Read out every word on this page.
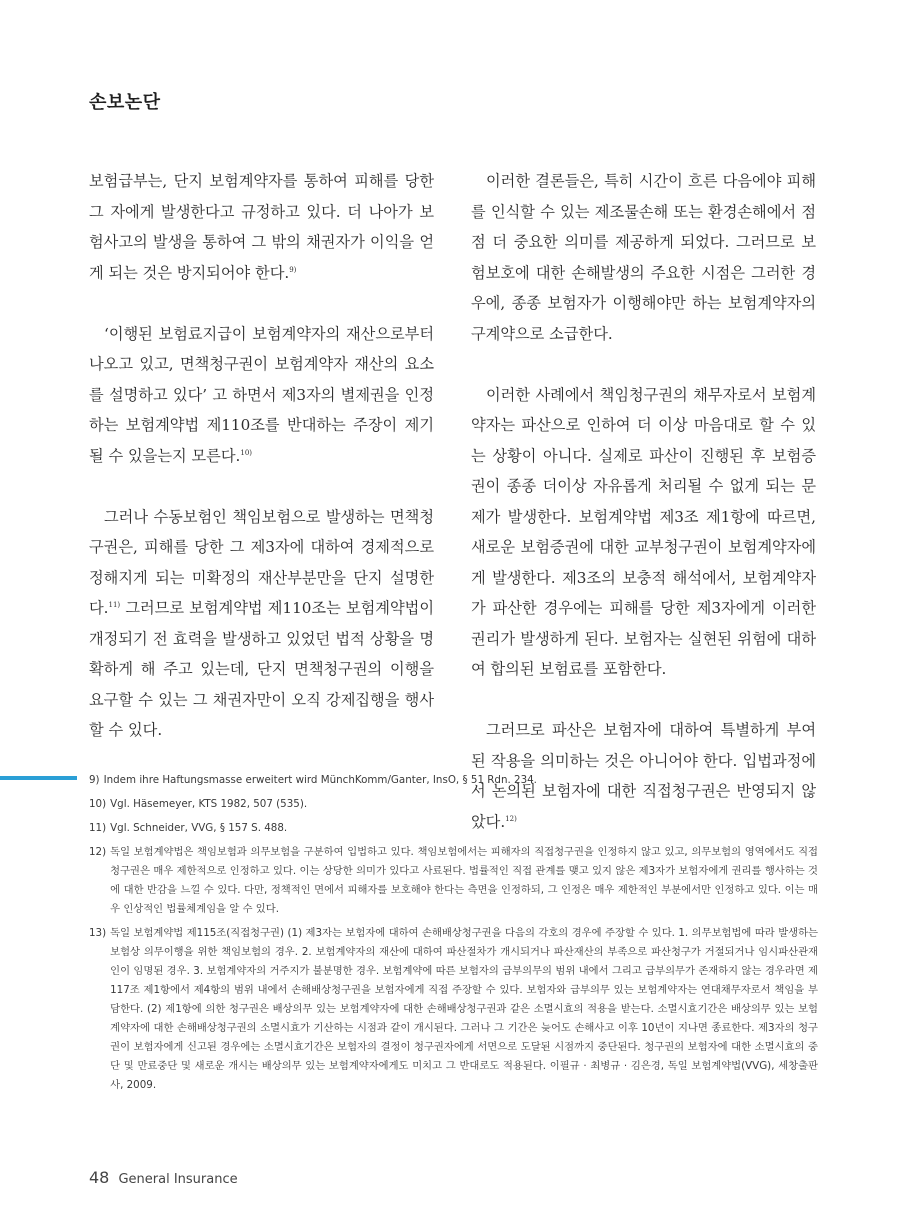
손보논단

보험급부는, 단지 보험계약자를 통하여 피해를 당한 그 자에게 발생한다고 규정하고 있다. 더 나아가 보험사고의 발생을 통하여 그 밖의 채권자가 이익을 얻게 되는 것은 방지되어야 한다.$^{9)}$

‘이행된 보험료지급이 보험계약자의 재산으로부터 나오고 있고, 면책청구권이 보험계약자 재산의 요소를 설명하고 있다’ 고 하면서 제3자의 별제권을 인정하는 보험계약법 제110조를 반대하는 주장이 제기될 수 있을는지 모른다.$^{10)}$

그러나 수동보험인 책임보험으로 발생하는 면책청구권은, 피해를 당한 그 제3자에 대하여 경제적으로 정해지게 되는 미확정의 재산부분만을 단지 설명한다.$^{11)}$ 그러므로 보험계약법 제110조는 보험계약법이 개정되기 전 효력을 발생하고 있었던 법적 상황을 명확하게 해 주고 있는데, 단지 면책청구권의 이행을 요구할 수 있는 그 채권자만이 오직 강제집행을 행사할 수 있다.

이러한 결론들은, 특히 시간이 흐른 다음에야 피해를 인식할 수 있는 제조물손해 또는 환경손해에서 점점 더 중요한 의미를 제공하게 되었다. 그러므로 보험보호에 대한 손해발생의 주요한 시점은 그러한 경우에, 종종 보험자가 이행해야만 하는 보험계약자의 구계약으로 소급한다.

이러한 사례에서 책임청구권의 채무자로서 보험계약자는 파산으로 인하여 더 이상 마음대로 할 수 있는 상황이 아니다. 실제로 파산이 진행된 후 보험증권이 종종 더이상 자유롭게 처리될 수 없게 되는 문제가 발생한다. 보험계약법 제3조 제1항에 따르면, 새로운 보험증권에 대한 교부청구권이 보험계약자에게 발생한다. 제3조의 보충적 해석에서, 보험계약자가 파산한 경우에는 피해를 당한 제3자에게 이러한 권리가 발생하게 된다. 보험자는 실현된 위험에 대하여 합의된 보험료를 포함한다.

그러므로 파산은 보험자에 대하여 특별하게 부여된 작용을 의미하는 것은 아니어야 한다. 입법과정에서 논의된 보험자에 대한 직접청구권은 반영되지 않았다.$^{12)}$

9) Indem ihre Haftungsmasse erweitert wird MünchKomm/Ganter, InsO, § 51 Rdn. 234.
10) Vgl. Häsemeyer, KTS 1982, 507 (535).
11) Vgl. Schneider, VVG, § 157 S. 488.
12) 독일 보험계약법은 책임보험과 의무보험을 구분하여 입법하고 있다. 책임보험에서는 피해자의 직접청구권을 인정하지 않고 있고, 의무보험의 영역에서도 직접청구권은 매우 제한적으로 인정하고 있다. 이는 상당한 의미가 있다고 사료된다. 법률적인 직접 관계를 맺고 있지 않은 제3자가 보험자에게 권리를 행사하는 것에 대한 반감을 느낄 수 있다. 다만, 정책적인 면에서 피해자를 보호해야 한다는 측면을 인정하되, 그 인정은 매우 제한적인 부분에서만 인정하고 있다. 이는 매우 인상적인 법률체계임을 알 수 있다.
13) 독일 보험계약법 제115조(직접청구권) (1) 제3자는 보험자에 대하여 손해배상청구권을 다음의 각호의 경우에 주장할 수 있다. 1. 의무보험법에 따라 발생하는 보험상 의무이행을 위한 책임보험의 경우. 2. 보험계약자의 재산에 대하여 파산절차가 개시되거나 파산재산의 부족으로 파산청구가 거절되거나 임시파산관재인이 임명된 경우. 3. 보험계약자의 거주지가 불분명한 경우. 보험계약에 따른 보험자의 급부의무의 범위 내에서 그리고 급부의무가 존재하지 않는 경우라면 제 117조 제1항에서 제4항의 범위 내에서 손해배상청구권을 보험자에게 직접 주장할 수 있다. 보험자와 급부의무 있는 보험계약자는 연대채무자로서 책임을 부담한다. (2) 제1항에 의한 청구권은 배상의무 있는 보험계약자에 대한 손해배상청구권과 같은 소멸시효의 적용을 받는다. 소멸시효기간은 배상의무 있는 보험계약자에 대한 손해배상청구권의 소멸시효가 기산하는 시점과 같이 개시된다. 그러나 그 기간은 늦어도 손해사고 이후 10년이 지나면 종료한다. 제3자의 청구권이 보험자에게 신고된 경우에는 소멸시효기간은 보험자의 결정이 청구권자에게 서면으로 도달된 시점까지 중단된다. 청구권의 보험자에 대한 소멸시효의 중단 및 만료중단 및 새로운 개시는 배상의무 있는 보험계약자에게도 미치고 그 반대로도 적용된다. 이필규 · 최병규 · 김은경, 독일 보험계약법(VVG), 세창출판사, 2009.
48 General Insurance
